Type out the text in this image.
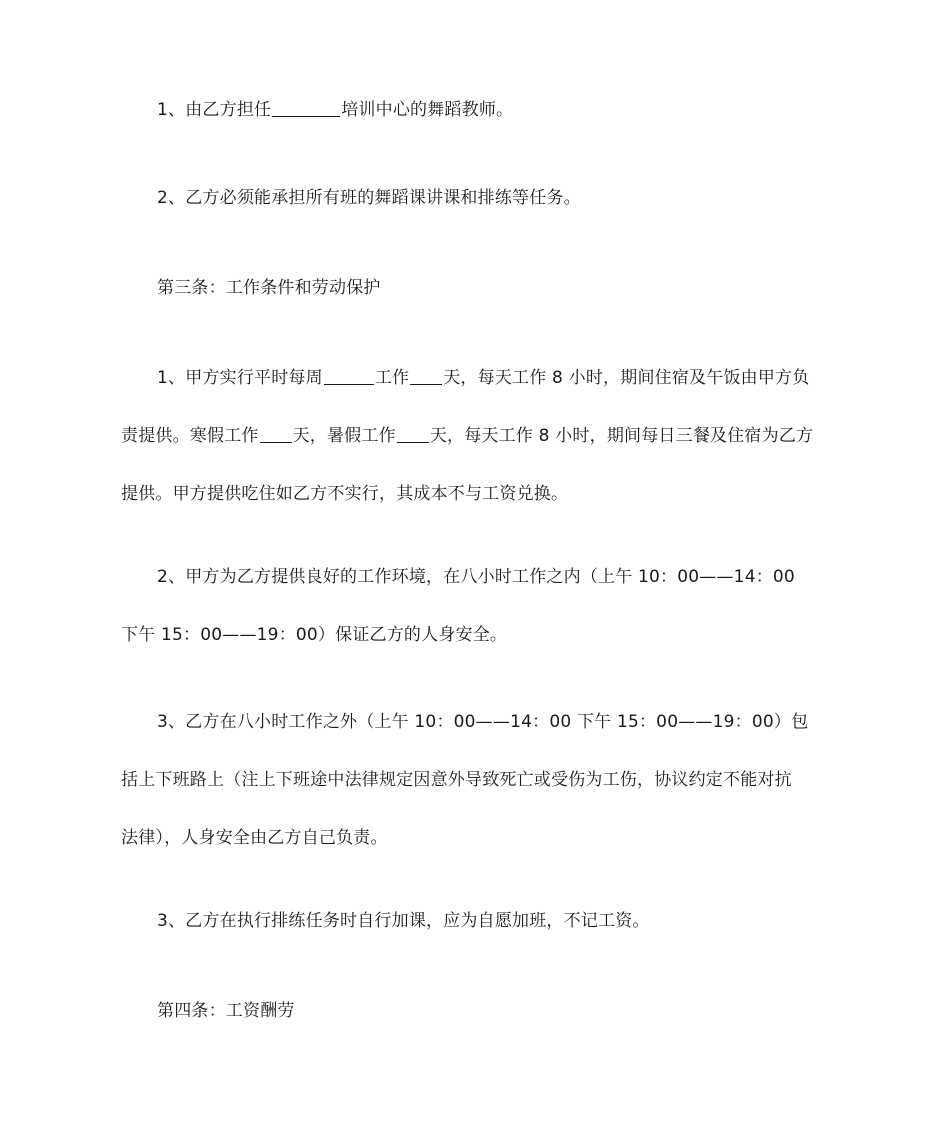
1、由乙方担任	培训中心的舞蹈教师。

2、乙方必须能承担所有班的舞蹈课讲课和排练等任务。

第三条：工作条件和劳动保护

1、甲方实行平时每周	工作 天，每天工作 8 小时，期间住宿及午饭由甲方负
责提供。寒假工作 天，暑假工作 天，每天工作 8 小时，期间每日三餐及住宿为乙方
提供。甲方提供吃住如乙方不实行，其成本不与工资兑换。

2、甲方为乙方提供良好的工作环境，在八小时工作之内（上午 10：00——14：00
下午 15：00——19：00）保证乙方的人身安全。

3、乙方在八小时工作之外（上午 10：00——14：00 下午 15：00——19：00）包
括上下班路上（注上下班途中法律规定因意外导致死亡或受伤为工伤，协议约定不能对抗
法律），人身安全由乙方自己负责。

3、乙方在执行排练任务时自行加课，应为自愿加班，不记工资。

第四条：工资酬劳
